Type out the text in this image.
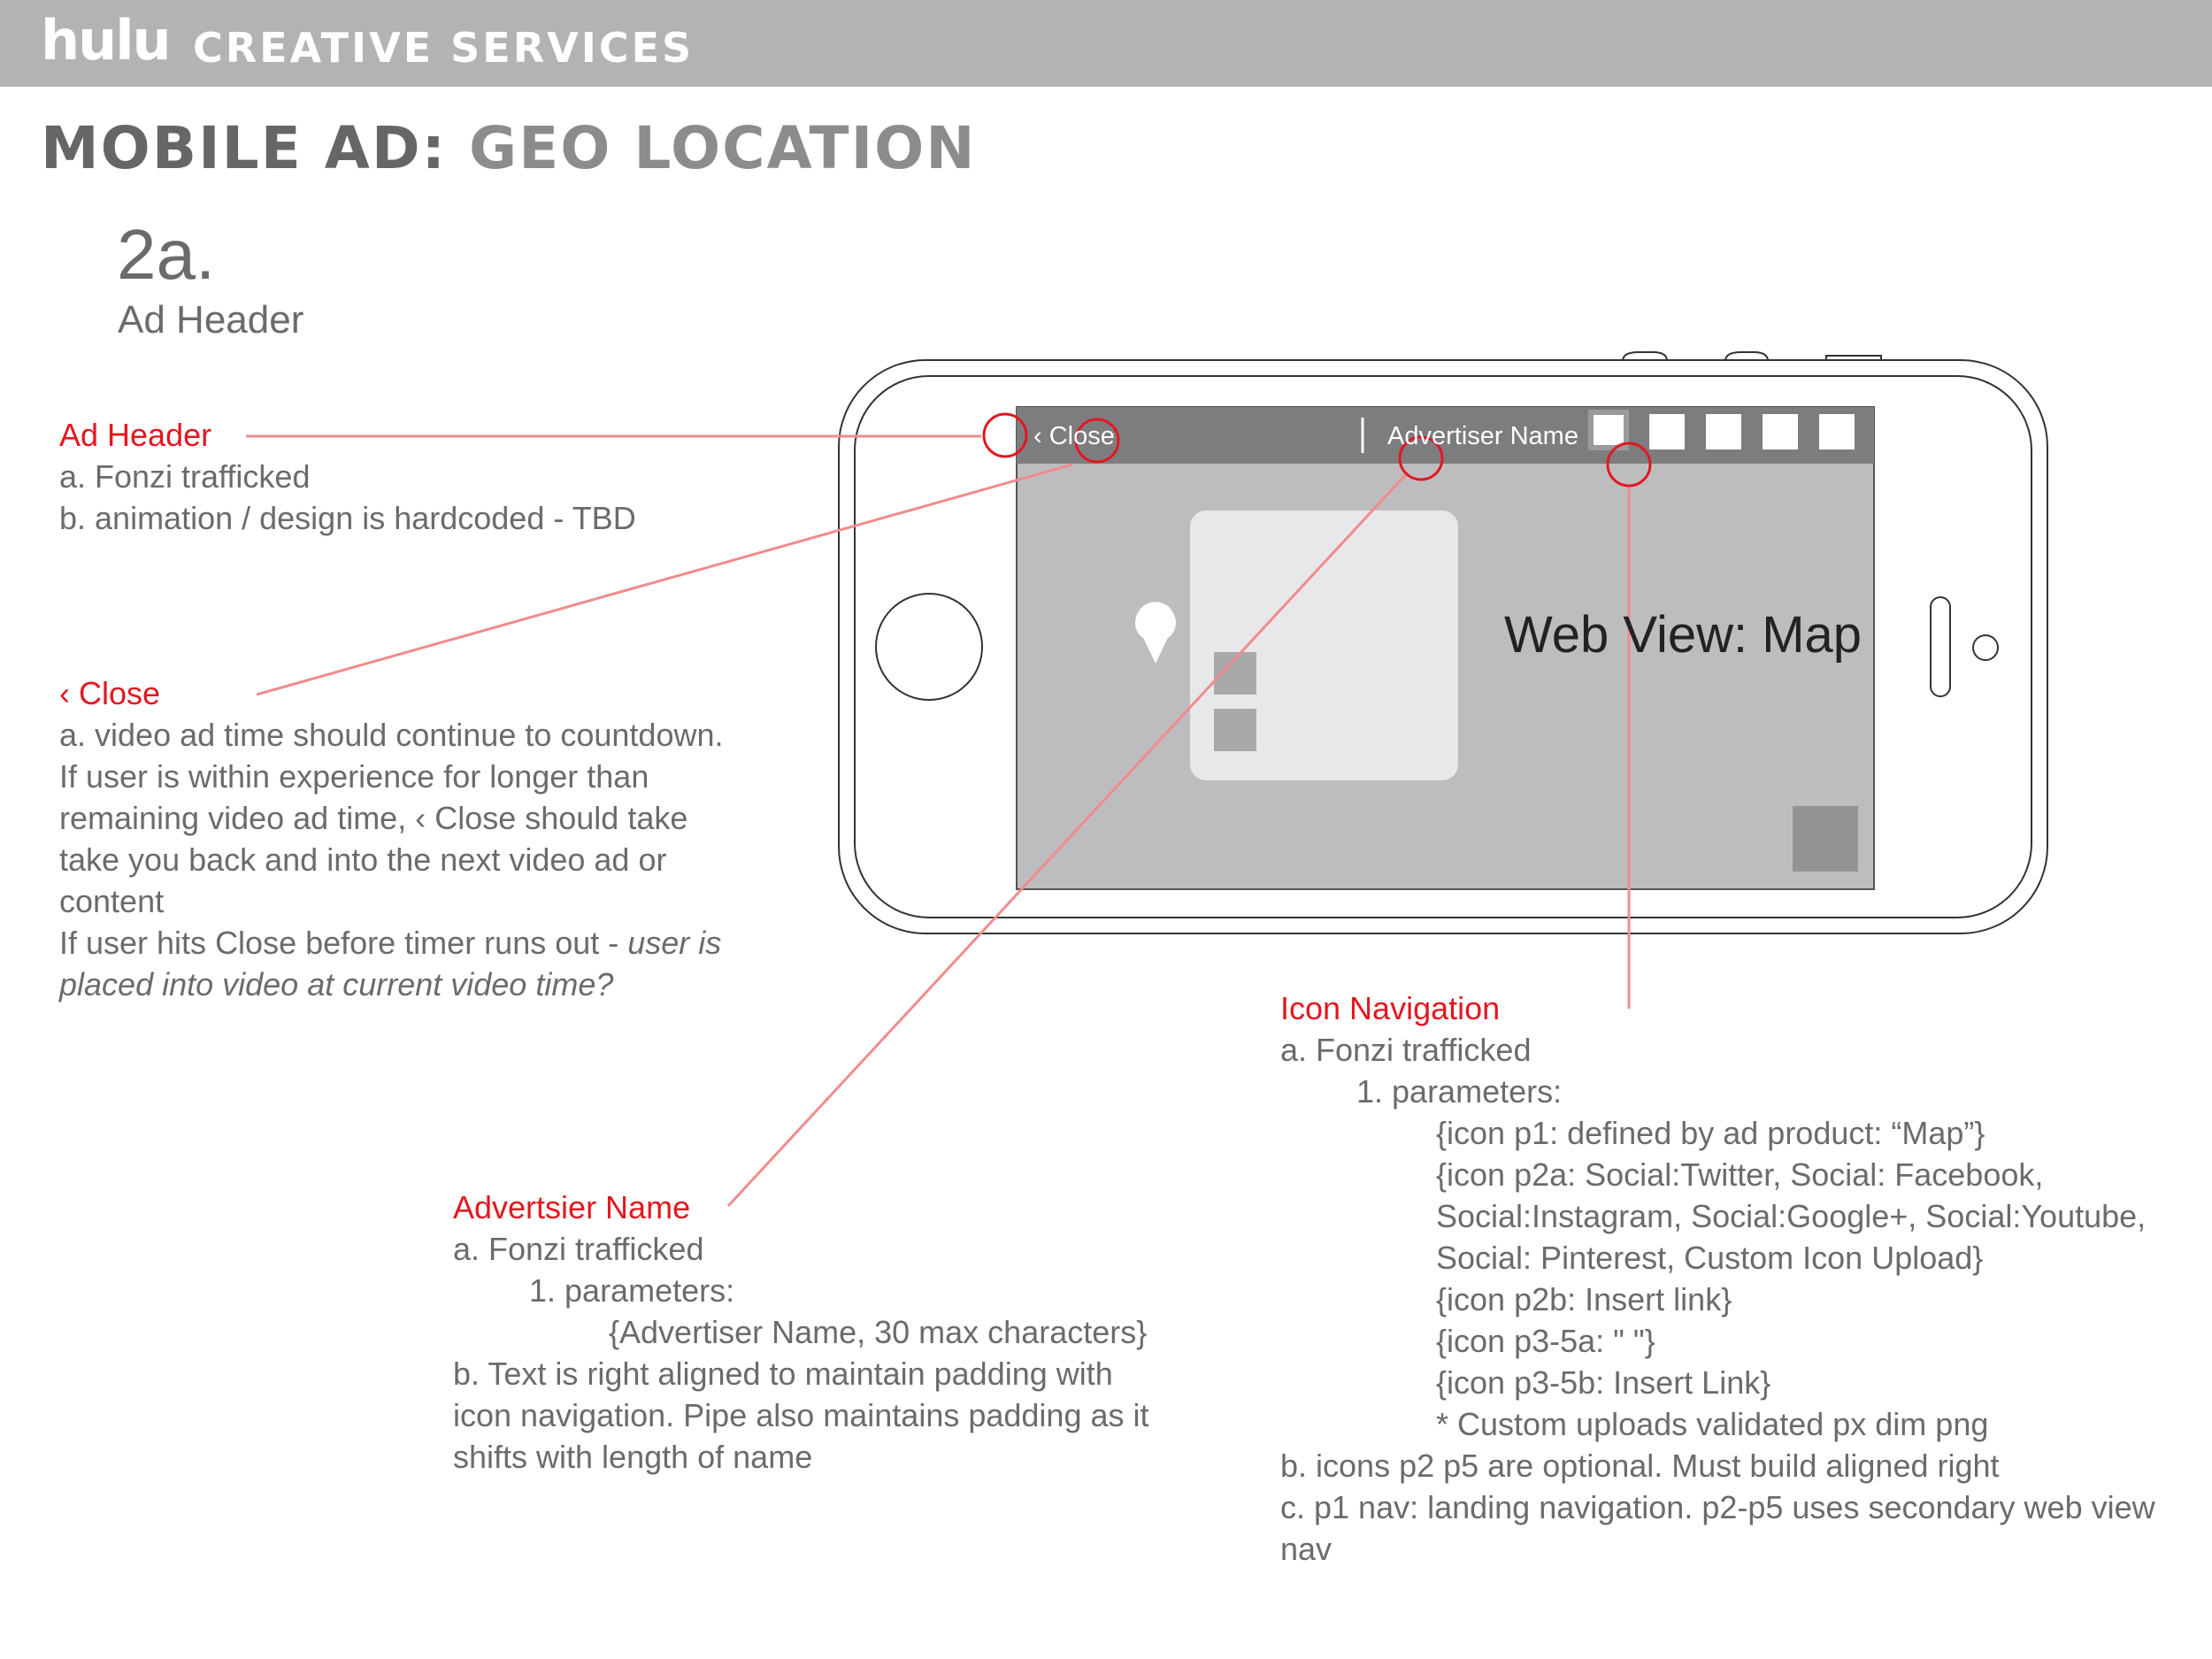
hulu CREATIVE SERVICES
MOBILE AD: GEO LOCATION
2a.
Ad Header
‹ Close	Advertiser Name
Web View: Map
Ad Header
a. Fonzi trafficked
b. animation / design is hardcoded - TBD
‹ Close
a. video ad time should continue to countdown.
If user is within experience for longer than
remaining video ad time, ‹ Close should take
take you back and into the next video ad or
content
If user hits Close before timer runs out - user is
placed into video at current video time?
Advertsier Name
a. Fonzi trafficked
1. parameters:
{Advertiser Name, 30 max characters}
b. Text is right aligned to maintain padding with
icon navigation. Pipe also maintains padding as it
shifts with length of name
Icon Navigation
a. Fonzi trafficked
1. parameters:
{icon p1: defined by ad product: “Map”}
{icon p2a: Social:Twitter, Social: Facebook,
Social:Instagram, Social:Google+, Social:Youtube,
Social: Pinterest, Custom Icon Upload}
{icon p2b: Insert link}
{icon p3-5a: " "}
{icon p3-5b: Insert Link}
* Custom uploads validated px dim png
b. icons p2 p5 are optional. Must build aligned right
c. p1 nav: landing navigation. p2-p5 uses secondary web view
nav
